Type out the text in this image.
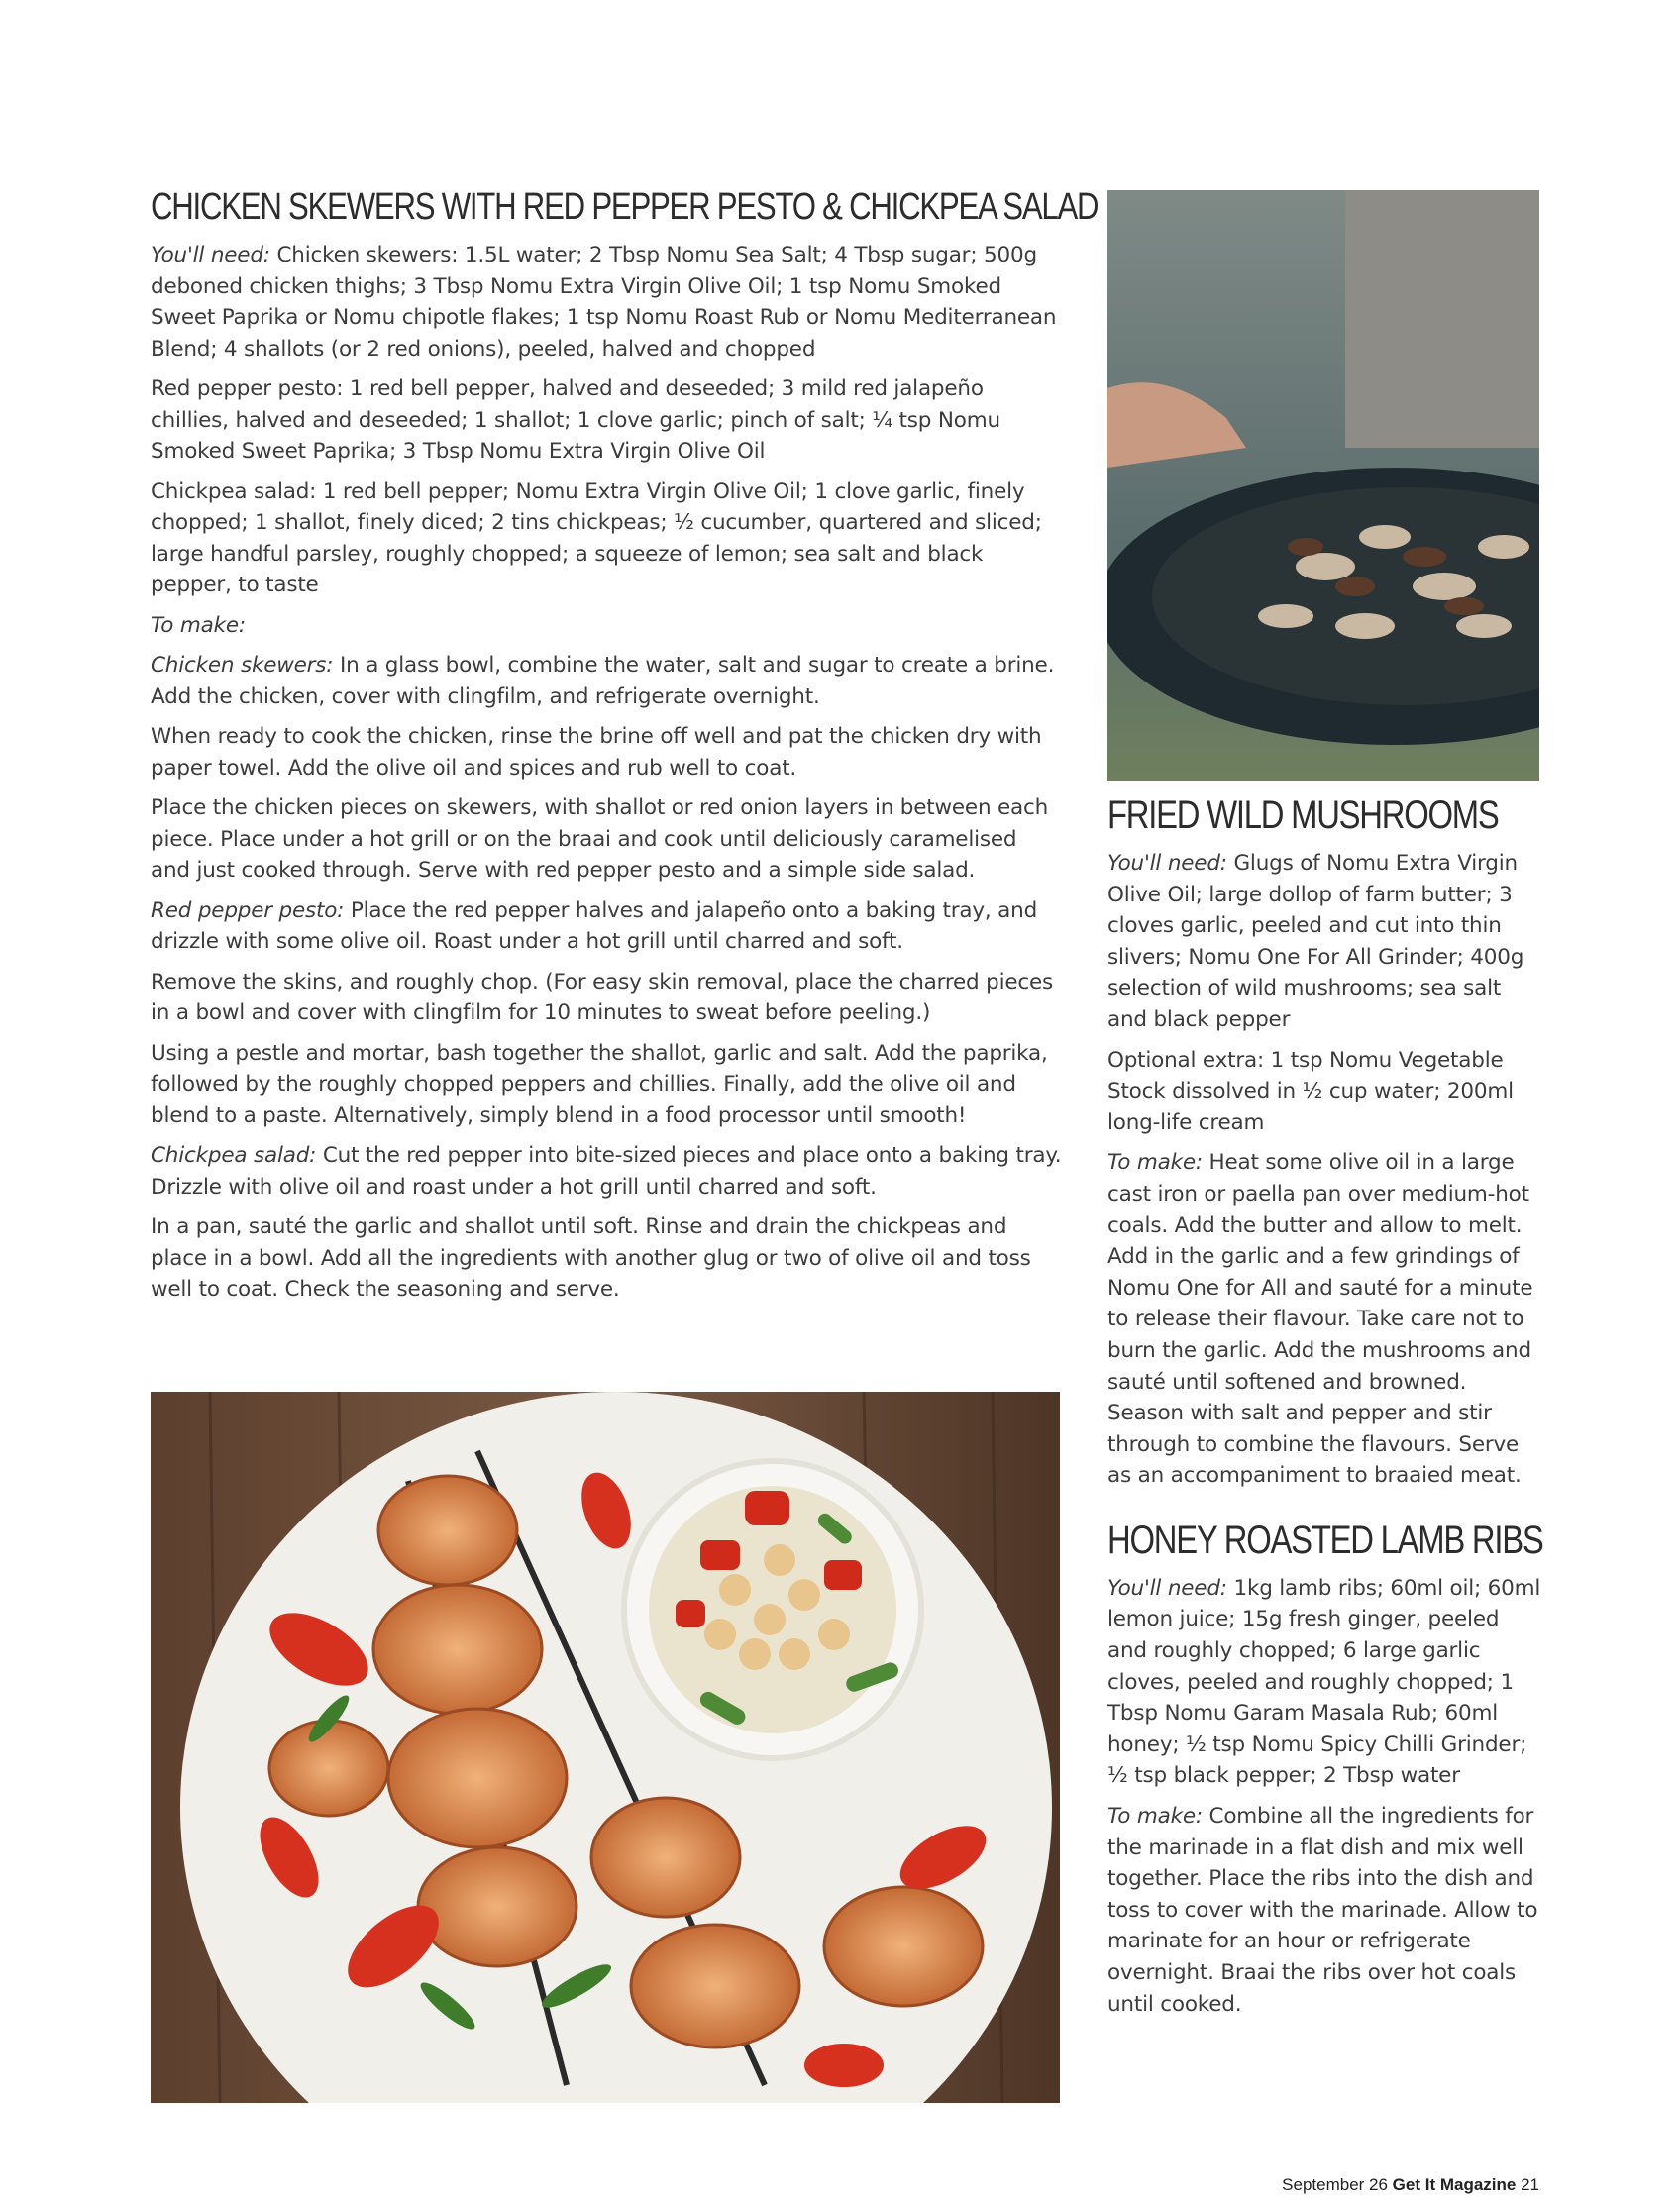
CHICKEN SKEWERS WITH RED PEPPER PESTO & CHICKPEA SALAD

You'll need: Chicken skewers: 1.5L water; 2 Tbsp Nomu Sea Salt; 4 Tbsp sugar; 500g deboned chicken thighs; 3 Tbsp Nomu Extra Virgin Olive Oil; 1 tsp Nomu Smoked Sweet Paprika or Nomu chipotle flakes; 1 tsp Nomu Roast Rub or Nomu Mediterranean Blend; 4 shallots (or 2 red onions), peeled, halved and chopped

Red pepper pesto: 1 red bell pepper, halved and deseeded; 3 mild red jalapeño chillies, halved and deseeded; 1 shallot; 1 clove garlic; pinch of salt; ¼ tsp Nomu Smoked Sweet Paprika; 3 Tbsp Nomu Extra Virgin Olive Oil

Chickpea salad: 1 red bell pepper; Nomu Extra Virgin Olive Oil; 1 clove garlic, finely chopped; 1 shallot, finely diced; 2 tins chickpeas; ½ cucumber, quartered and sliced; large handful parsley, roughly chopped; a squeeze of lemon; sea salt and black pepper, to taste

To make:

Chicken skewers: In a glass bowl, combine the water, salt and sugar to create a brine. Add the chicken, cover with clingfilm, and refrigerate overnight.

When ready to cook the chicken, rinse the brine off well and pat the chicken dry with paper towel. Add the olive oil and spices and rub well to coat.

Place the chicken pieces on skewers, with shallot or red onion layers in between each piece. Place under a hot grill or on the braai and cook until deliciously caramelised and just cooked through. Serve with red pepper pesto and a simple side salad.

Red pepper pesto: Place the red pepper halves and jalapeño onto a baking tray, and drizzle with some olive oil. Roast under a hot grill until charred and soft.

Remove the skins, and roughly chop. (For easy skin removal, place the charred pieces in a bowl and cover with clingfilm for 10 minutes to sweat before peeling.)

Using a pestle and mortar, bash together the shallot, garlic and salt. Add the paprika, followed by the roughly chopped peppers and chillies. Finally, add the olive oil and blend to a paste. Alternatively, simply blend in a food processor until smooth!

Chickpea salad: Cut the red pepper into bite-sized pieces and place onto a baking tray. Drizzle with olive oil and roast under a hot grill until charred and soft.

In a pan, sauté the garlic and shallot until soft. Rinse and drain the chickpeas and place in a bowl. Add all the ingredients with another glug or two of olive oil and toss well to coat. Check the seasoning and serve.

FRIED WILD MUSHROOMS

You'll need: Glugs of Nomu Extra Virgin Olive Oil; large dollop of farm butter; 3 cloves garlic, peeled and cut into thin slivers; Nomu One For All Grinder; 400g selection of wild mushrooms; sea salt and black pepper

Optional extra: 1 tsp Nomu Vegetable Stock dissolved in ½ cup water; 200ml long-life cream

To make: Heat some olive oil in a large cast iron or paella pan over medium-hot coals. Add the butter and allow to melt. Add in the garlic and a few grindings of Nomu One for All and sauté for a minute to release their flavour. Take care not to burn the garlic. Add the mushrooms and sauté until softened and browned. Season with salt and pepper and stir through to combine the flavours. Serve as an accompaniment to braaied meat.

HONEY ROASTED LAMB RIBS

You'll need: 1kg lamb ribs; 60ml oil; 60ml lemon juice; 15g fresh ginger, peeled and roughly chopped; 6 large garlic cloves, peeled and roughly chopped; 1 Tbsp Nomu Garam Masala Rub; 60ml honey; ½ tsp Nomu Spicy Chilli Grinder; ½ tsp black pepper; 2 Tbsp water

To make: Combine all the ingredients for the marinade in a flat dish and mix well together. Place the ribs into the dish and toss to cover with the marinade. Allow to marinate for an hour or refrigerate overnight. Braai the ribs over hot coals until cooked.

September 26 Get It Magazine 21
